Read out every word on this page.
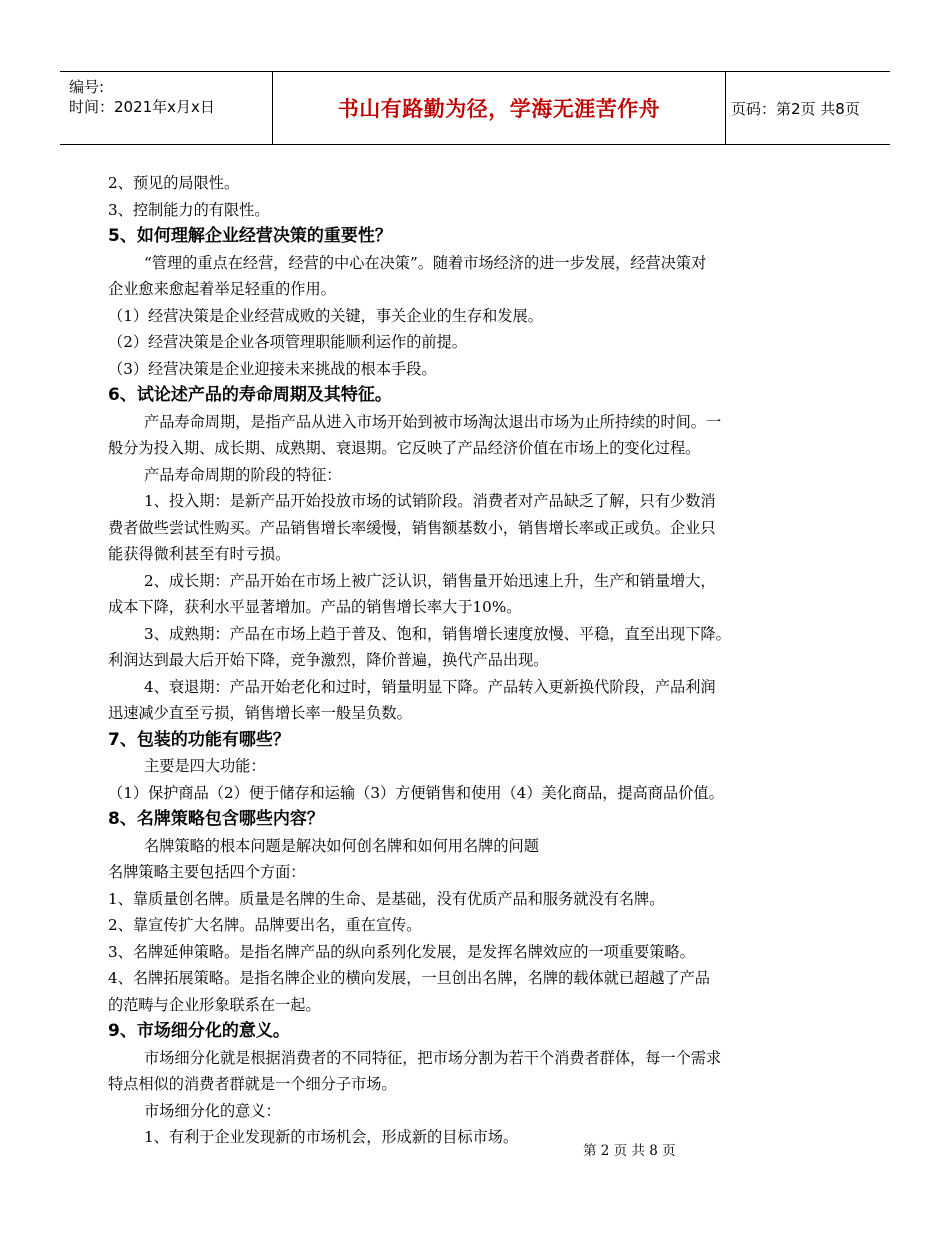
编号:
时间：2021年x月x日	书山有路勤为径，学海无涯苦作舟	页码：第2页 共8页
2、预见的局限性。
3、控制能力的有限性。
5、如何理解企业经营决策的重要性？
“管理的重点在经营，经营的中心在决策”。随着市场经济的进一步发展，经营决策对
企业愈来愈起着举足轻重的作用。
（1）经营决策是企业经营成败的关键，事关企业的生存和发展。
（2）经营决策是企业各项管理职能顺利运作的前提。
（3）经营决策是企业迎接未来挑战的根本手段。
6、试论述产品的寿命周期及其特征。
产品寿命周期，是指产品从进入市场开始到被市场淘汰退出市场为止所持续的时间。一
般分为投入期、成长期、成熟期、衰退期。它反映了产品经济价值在市场上的变化过程。
产品寿命周期的阶段的特征：
1、投入期：是新产品开始投放市场的试销阶段。消费者对产品缺乏了解，只有少数消
费者做些尝试性购买。产品销售增长率缓慢，销售额基数小，销售增长率或正或负。企业只
能获得微利甚至有时亏损。
2、成长期：产品开始在市场上被广泛认识，销售量开始迅速上升，生产和销量增大，
成本下降，获利水平显著增加。产品的销售增长率大于10%。
3、成熟期：产品在市场上趋于普及、饱和，销售增长速度放慢、平稳，直至出现下降。
利润达到最大后开始下降，竞争激烈，降价普遍，换代产品出现。
4、衰退期：产品开始老化和过时，销量明显下降。产品转入更新换代阶段，产品利润
迅速减少直至亏损，销售增长率一般呈负数。
7、包装的功能有哪些？
主要是四大功能：
（1）保护商品（2）便于储存和运输（3）方便销售和使用（4）美化商品，提高商品价值。
8、名牌策略包含哪些内容？
名牌策略的根本问题是解决如何创名牌和如何用名牌的问题
名牌策略主要包括四个方面：
1、靠质量创名牌。质量是名牌的生命、是基础，没有优质产品和服务就没有名牌。
2、靠宣传扩大名牌。品牌要出名，重在宣传。
3、名牌延伸策略。是指名牌产品的纵向系列化发展，是发挥名牌效应的一项重要策略。
4、名牌拓展策略。是指名牌企业的横向发展，一旦创出名牌，名牌的载体就已超越了产品
的范畴与企业形象联系在一起。
9、市场细分化的意义。
市场细分化就是根据消费者的不同特征，把市场分割为若干个消费者群体，每一个需求
特点相似的消费者群就是一个细分子市场。
市场细分化的意义：
1、有利于企业发现新的市场机会，形成新的目标市场。
第 2 页 共 8 页
